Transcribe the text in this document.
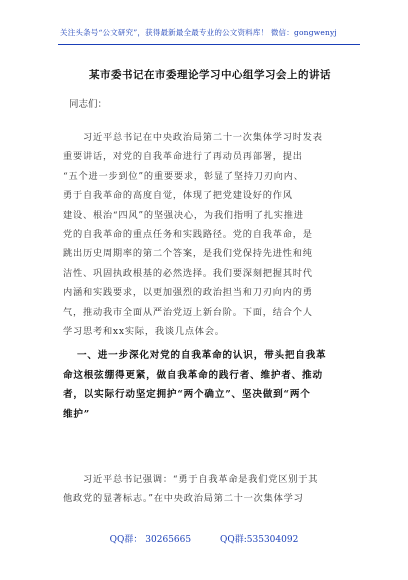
关注头条号“公文研究”，获得最新最全最专业的公文资料库！ 微信：gongwenyj
某市委书记在市委理论学习中心组学习会上的讲话
同志们：
习近平总书记在中央政治局第二十一次集体学习时发表
重要讲话，对党的自我革命进行了再动员再部署，提出
“五个进一步到位”的重要要求，彰显了坚持刀刃向内、
勇于自我革命的高度自觉，体现了把党建设好的作风
建设、根治“四风”的坚强决心，为我们指明了扎实推进
党的自我革命的重点任务和实践路径。党的自我革命，是
跳出历史周期率的第二个答案，是我们党保持先进性和纯
洁性、巩固执政根基的必然选择。我们要深刻把握其时代
内涵和实践要求，以更加强烈的政治担当和刀刃向内的勇
气，推动我市全面从严治党迈上新台阶。下面，结合个人
学习思考和xx实际，我谈几点体会。
一、进一步深化对党的自我革命的认识，带头把自我革
命这根弦绷得更紧，做自我革命的践行者、维护者、推动
者，以实际行动坚定拥护“两个确立”、坚决做到“两个
维护”
习近平总书记强调：“勇于自我革命是我们党区别于其
他政党的显著标志。”在中央政治局第二十一次集体学习
QQ群： 30265665	QQ群:535304092
